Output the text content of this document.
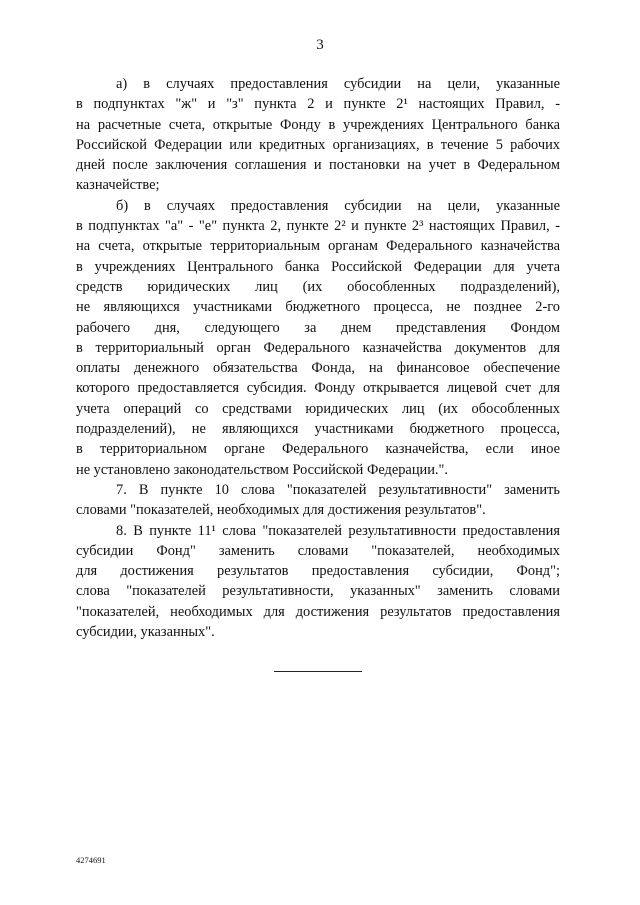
3
а) в случаях предоставления субсидии на цели, указанные
в подпунктах "ж" и "з" пункта 2 и пункте 2¹ настоящих Правил, -
на расчетные счета, открытые Фонду в учреждениях Центрального банка
Российской Федерации или кредитных организациях, в течение 5 рабочих
дней после заключения соглашения и постановки на учет в Федеральном
казначействе;
б) в случаях предоставления субсидии на цели, указанные
в подпунктах "а" - "е" пункта 2, пункте 2² и пункте 2³ настоящих Правил, -
на счета, открытые территориальным органам Федерального казначейства
в учреждениях Центрального банка Российской Федерации для учета
средств юридических лиц (их обособленных подразделений),
не являющихся участниками бюджетного процесса, не позднее 2-го
рабочего дня, следующего за днем представления Фондом
в территориальный орган Федерального казначейства документов для
оплаты денежного обязательства Фонда, на финансовое обеспечение
которого предоставляется субсидия. Фонду открывается лицевой счет для
учета операций со средствами юридических лиц (их обособленных
подразделений), не являющихся участниками бюджетного процесса,
в территориальном органе Федерального казначейства, если иное
не установлено законодательством Российской Федерации.".
7. В пункте 10 слова "показателей результативности" заменить
словами "показателей, необходимых для достижения результатов".
8. В пункте 11¹ слова "показателей результативности предоставления
субсидии Фонд" заменить словами "показателей, необходимых
для достижения результатов предоставления субсидии, Фонд";
слова "показателей результативности, указанных" заменить словами
"показателей, необходимых для достижения результатов предоставления
субсидии, указанных".
4274691
